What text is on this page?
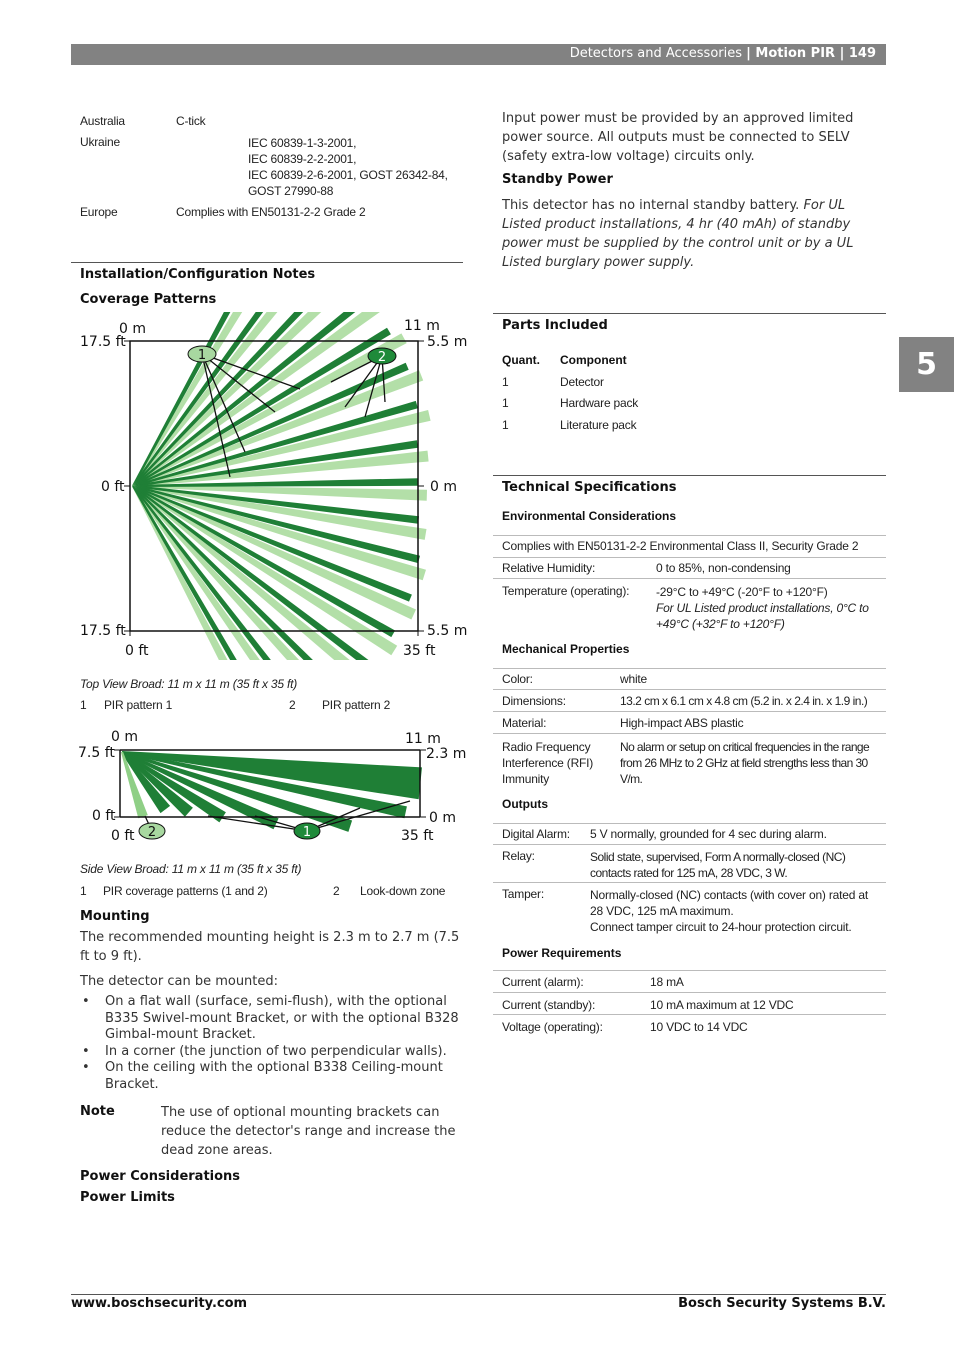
Detectors and Accessories | Motion PIR | 149
5
Australia	C-tick
Ukraine	IEC 60839-1-3-2001,
IEC 60839-2-2-2001,
IEC 60839-2-6-2001, GOST 26342-84,
GOST 27990-88
Europe	Complies with EN50131-2-2 Grade 2
Installation/Configuration Notes
Coverage Patterns
1	2
0 m	11 m
17.5 ft	5.5 m
0 ft	0 m
17.5 ft	5.5 m
0 ft	35 ft
Top View Broad: 11 m x 11 m (35 ft x 35 ft)
1 PIR pattern 1	2 PIR pattern 2
2	1
0 m	11 m
7.5 ft	2.3 m
0 ft	0 m
0 ft	35 ft
Side View Broad: 11 m x 11 m (35 ft x 35 ft)
1 PIR coverage patterns (1 and 2)	2 Look-down zone
Mounting
The recommended mounting height is 2.3 m to 2.7 m (7.5 ft to 9 ft).
The detector can be mounted:
• On a flat wall (surface, semi-flush), with the optional B335 Swivel-mount Bracket, or with the optional B328 Gimbal-mount Bracket.
• In a corner (the junction of two perpendicular walls).
• On the ceiling with the optional B338 Ceiling-mount Bracket.
Note	The use of optional mounting brackets can reduce the detector's range and increase the dead zone areas.
Power Considerations
Power Limits
Input power must be provided by an approved limited power source. All outputs must be connected to SELV (safety extra-low voltage) circuits only.
Standby Power
This detector has no internal standby battery. For UL Listed product installations, 4 hr (40 mAh) of standby power must be supplied by the control unit or by a UL Listed burglary power supply.
Parts Included
Quant. Component
1	Detector
1	Hardware pack
1	Literature pack
Technical Specifications
Environmental Considerations
Complies with EN50131-2-2 Environmental Class II, Security Grade 2
Relative Humidity:	0 to 85%, non-condensing
Temperature (operating): -29°C to +49°C (-20°F to +120°F)
For UL Listed product installations, 0°C to +49°C (+32°F to +120°F)
Mechanical Properties
Color:	white
Dimensions:	13.2 cm x 6.1 cm x 4.8 cm (5.2 in. x 2.4 in. x 1.9 in.)
Material:	High-impact ABS plastic
Radio Frequency Interference (RFI) Immunity
No alarm or setup on critical frequencies in the range from 26 MHz to 2 GHz at field strengths less than 30 V/m.
Outputs
Digital Alarm: 5 V normally, grounded for 4 sec during alarm.
Relay:	Solid state, supervised, Form A normally-closed (NC) contacts rated for 125 mA, 28 VDC, 3 W.
Tamper:	Normally-closed (NC) contacts (with cover on) rated at 28 VDC, 125 mA maximum.
Connect tamper circuit to 24-hour protection circuit.
Power Requirements
Current (alarm):	18 mA
Current (standby):	10 mA maximum at 12 VDC
Voltage (operating):	10 VDC to 14 VDC
www.boschsecurity.com	Bosch Security Systems B.V.
